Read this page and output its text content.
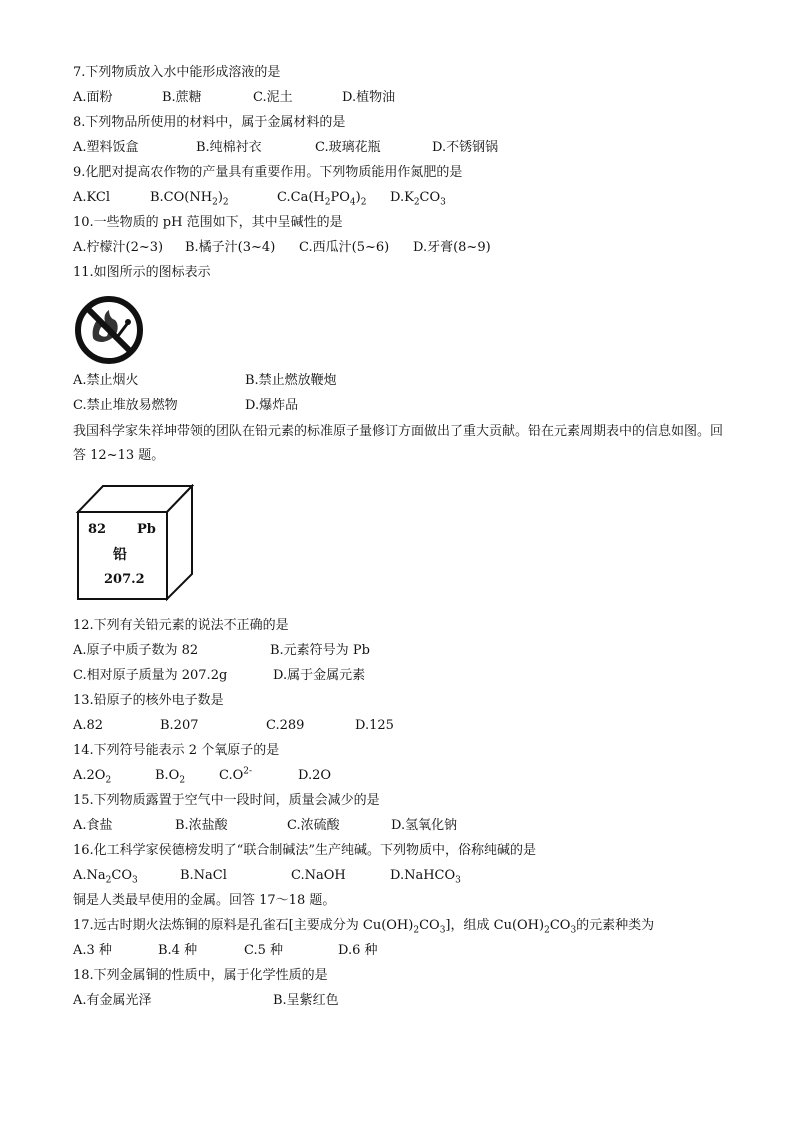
7.下列物质放入水中能形成溶液的是
A.面粉	B.蔗糖	C.泥土	D.植物油
8.下列物品所使用的材料中，属于金属材料的是
A.塑料饭盒	B.纯棉衬衣	C.玻璃花瓶	D.不锈钢锅
9.化肥对提高农作物的产量具有重要作用。下列物质能用作氮肥的是
A.KCl	$B.CO(NH_2)_2$	$C.Ca(H_2PO_4)_2$ $D.K_2CO_3$
10.一些物质的 pH 范围如下，其中呈碱性的是
A.柠檬汁(2~3) B.橘子汁(3~4) C.西瓜汁(5~6) D.牙膏(8~9)
11.如图所示的图标表示
A.禁止烟火	B.禁止燃放鞭炮
C.禁止堆放易燃物	D.爆炸品
我国科学家朱祥坤带领的团队在铅元素的标准原子量修订方面做出了重大贡献。铅在元素周期表中的信息如图。回答 12~13 题。
82 Pb
铅
207.2
12.下列有关铅元素的说法不正确的是
A.原子中质子数为 82	B.元素符号为 Pb
C.相对原子质量为 207.2g	D.属于金属元素
13.铅原子的核外电子数是
A.82	B.207	C.289	D.125
14.下列符号能表示 2 个氧原子的是
$A.2O_2$	$B.O_2$	$C.O^{2-}$	D.2O
15.下列物质露置于空气中一段时间，质量会减少的是
A.食盐	B.浓盐酸	C.浓硫酸	D.氢氧化钠
16.化工科学家侯德榜发明了“联合制碱法”生产纯碱。下列物质中，俗称纯碱的是
$A.Na_2CO_3$	B.NaCl	C.NaOH	D.NaHCO$_3$
铜是人类最早使用的金属。回答 17～18 题。
17.远古时期火法炼铜的原料是孔雀石[主要成分为 $Cu(OH)_2CO_3$]，组成 $Cu(OH)_2CO_3$的元素种类为
A.3 种	B.4 种	C.5 种	D.6 种
18.下列金属铜的性质中，属于化学性质的是
A.有金属光泽	B.呈紫红色
